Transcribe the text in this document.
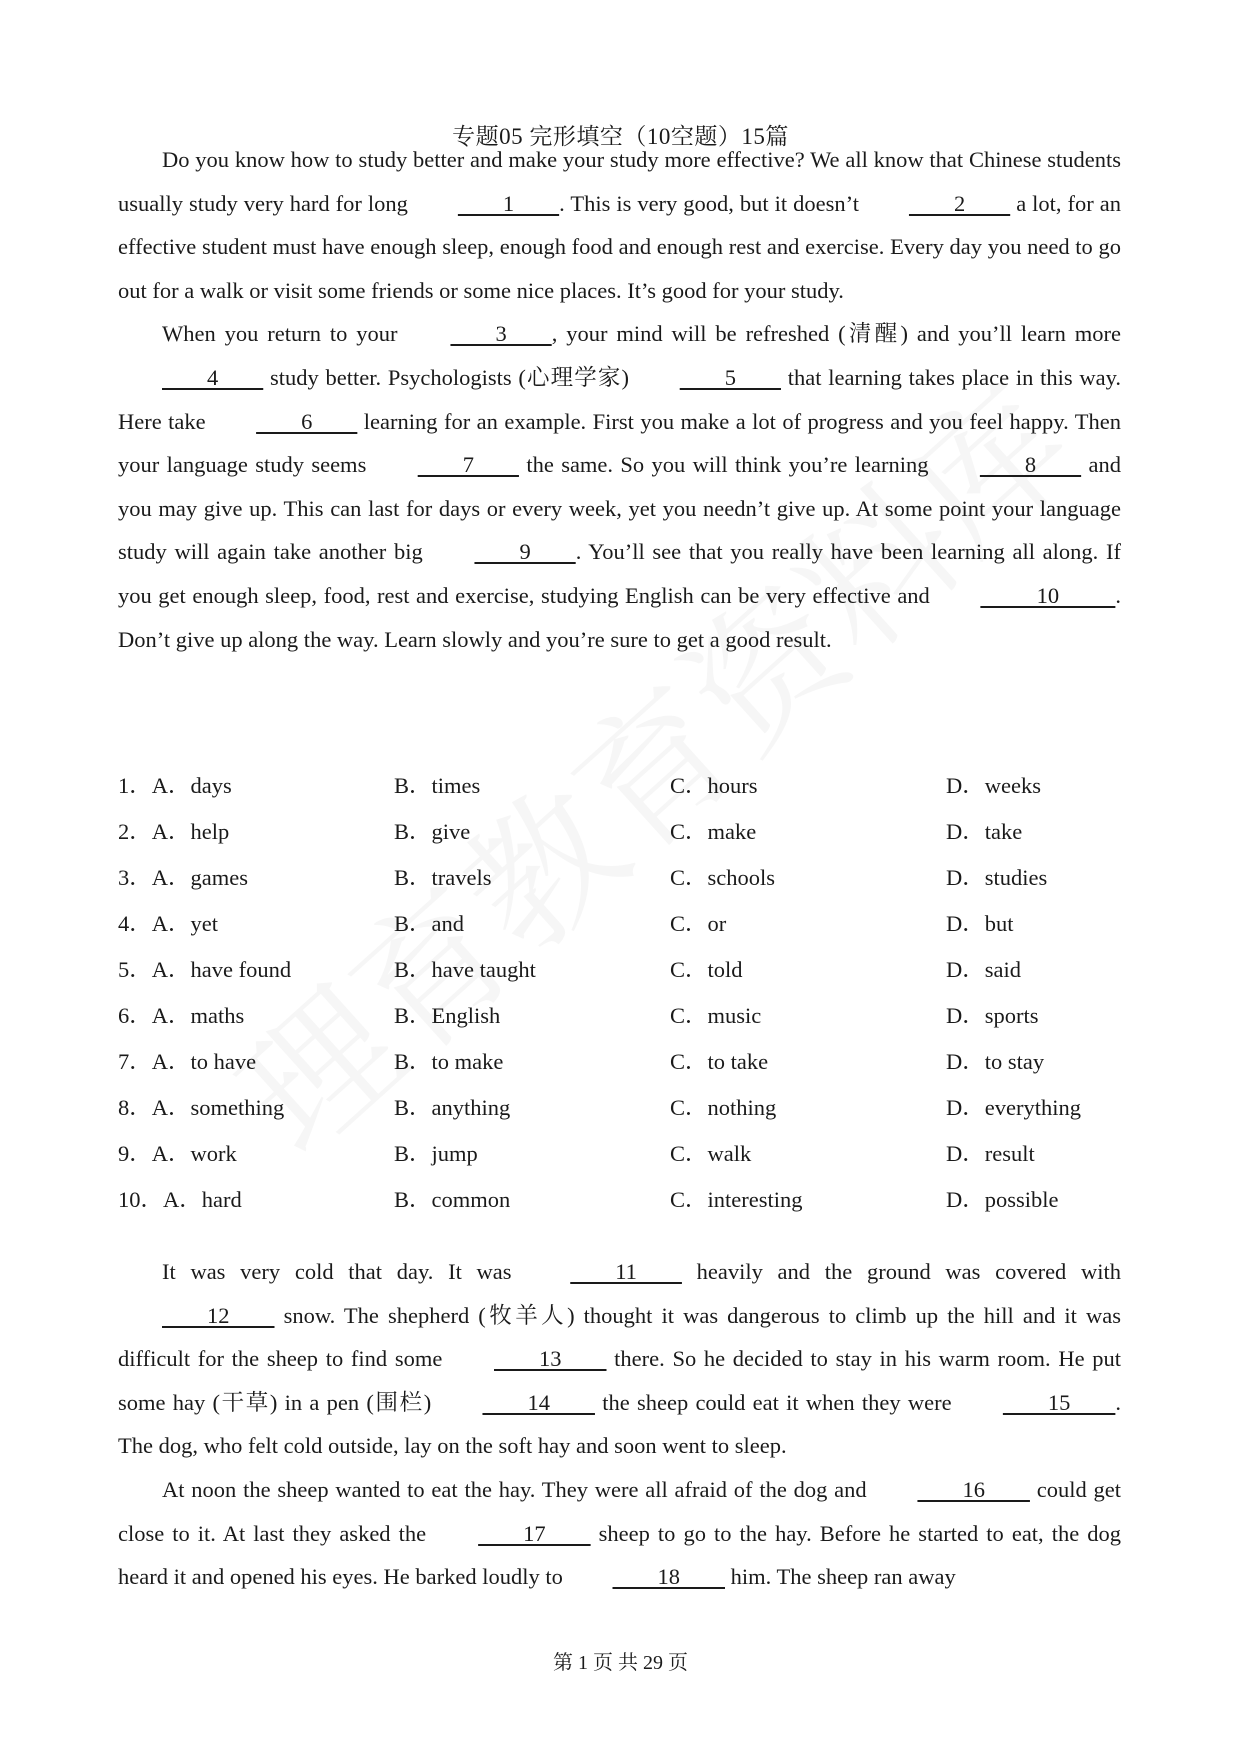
专题05 完形填空（10空题）15篇

Do you know how to study better and make your study more effective? We all know that Chinese students usually study very hard for long         1        . This is very good, but it doesn’t         2         a lot, for an effective student must have enough sleep, enough food and enough rest and exercise. Every day you need to go out for a walk or visit some friends or some nice places. It’s good for your study.

When you return to your         3        , your mind will be refreshed (清醒) and you’ll learn more         4         study better. Psychologists (心理学家)         5         that learning takes place in this way. Here take         6         learning for an example. First you make a lot of progress and you feel happy. Then your language study seems         7         the same. So you will think you’re learning         8         and you may give up. This can last for days or every week, yet you needn’t give up. At some point your language study will again take another big         9        . You’ll see that you really have been learning all along. If you get enough sleep, food, rest and exercise, studying English can be very effective and           10          . Don’t give up along the way. Learn slowly and you’re sure to get a good result.

1．A．days	B．times	C．hours	D．weeks
2．A．help	B．give	C．make	D．take
3．A．games	B．travels	C．schools	D．studies
4．A．yet	B．and	C．or	D．but
5．A．have found	B．have taught	C．told	D．said
6．A．maths	B．English	C．music	D．sports
7．A．to have	B．to make	C．to take	D．to stay
8．A．something	B．anything	C．nothing	D．everything
9．A．work	B．jump	C．walk	D．result
10．A．hard	B．common	C．interesting	D．possible

It was very cold that day. It was         11         heavily and the ground was covered with         12         snow. The shepherd (牧羊人) thought it was dangerous to climb up the hill and it was difficult for the sheep to find some         13         there. So he decided to stay in his warm room. He put some hay (干草) in a pen (围栏)         14         the sheep could eat it when they were         15        . The dog, who felt cold outside, lay on the soft hay and soon went to sleep.

At noon the sheep wanted to eat the hay. They were all afraid of the dog and         16         could get close to it. At last they asked the         17         sheep to go to the hay. Before he started to eat, the dog heard it and opened his eyes. He barked loudly to         18         him. The sheep ran away

第 1 页 共 29 页
